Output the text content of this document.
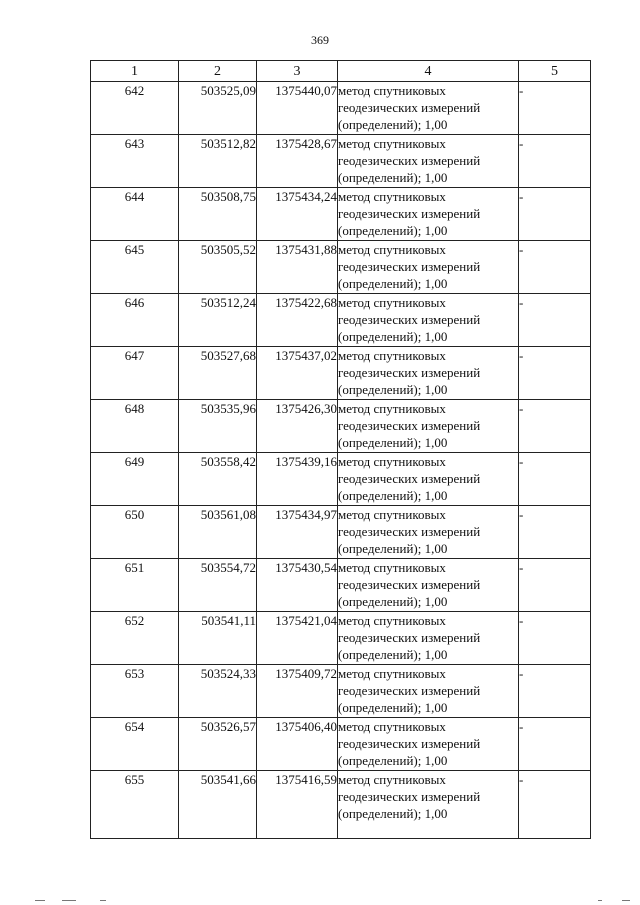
369
1	2	3	4	5
642	503525,09	1375440,07	метод спутниковых
геодезических измерений
(определений); 1,00	-
643	503512,82	1375428,67	метод спутниковых
геодезических измерений
(определений); 1,00	-
644	503508,75	1375434,24	метод спутниковых
геодезических измерений
(определений); 1,00	-
645	503505,52	1375431,88	метод спутниковых
геодезических измерений
(определений); 1,00	-
646	503512,24	1375422,68	метод спутниковых
геодезических измерений
(определений); 1,00	-
647	503527,68	1375437,02	метод спутниковых
геодезических измерений
(определений); 1,00	-
648	503535,96	1375426,30	метод спутниковых
геодезических измерений
(определений); 1,00	-
649	503558,42	1375439,16	метод спутниковых
геодезических измерений
(определений); 1,00	-
650	503561,08	1375434,97	метод спутниковых
геодезических измерений
(определений); 1,00	-
651	503554,72	1375430,54	метод спутниковых
геодезических измерений
(определений); 1,00	-
652	503541,11	1375421,04	метод спутниковых
геодезических измерений
(определений); 1,00	-
653	503524,33	1375409,72	метод спутниковых
геодезических измерений
(определений); 1,00	-
654	503526,57	1375406,40	метод спутниковых
геодезических измерений
(определений); 1,00	-
655	503541,66	1375416,59	метод спутниковых
геодезических измерений
(определений); 1,00	-
